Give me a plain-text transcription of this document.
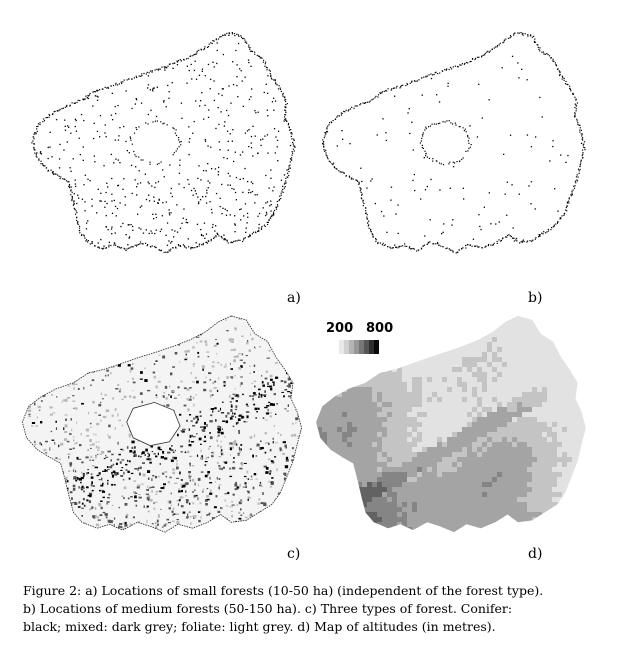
a)	b)
c)	d)
200 800
Figure 2: a) Locations of small forests (10-50 ha) (independent of the forest type).
b) Locations of medium forests (50-150 ha). c) Three types of forest. Conifer:
black; mixed: dark grey; foliate: light grey. d) Map of altitudes (in metres).
